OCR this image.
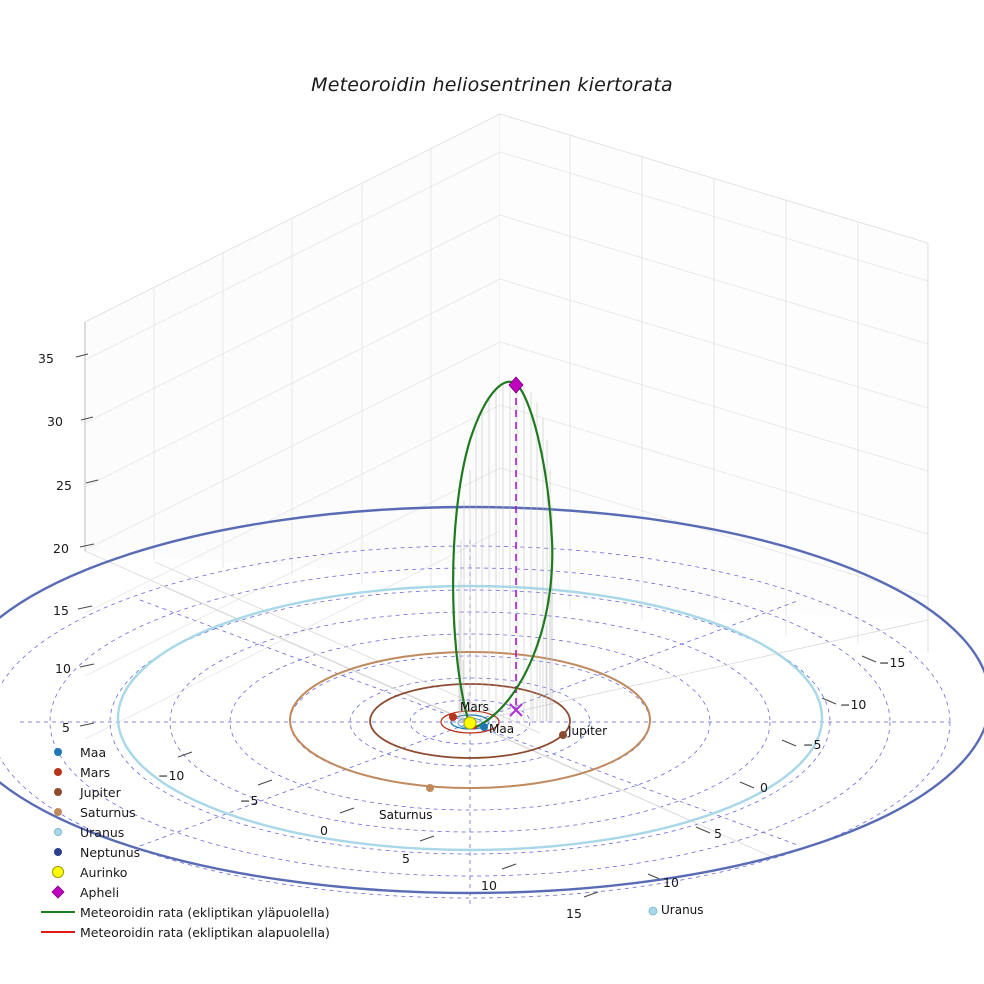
Meteoroidin heliosentrinen kiertorata
35
30
25
20
15
10
5
−10
−5
0
5
10
15
−15
−10
−5
0
5
10
Mars
Maa	Jupiter
Saturnus
Uranus
Maa
Mars
Jupiter
Saturnus
Uranus
Neptunus
Aurinko
Apheli
Meteoroidin rata (ekliptikan yläpuolella)
Meteoroidin rata (ekliptikan alapuolella)
